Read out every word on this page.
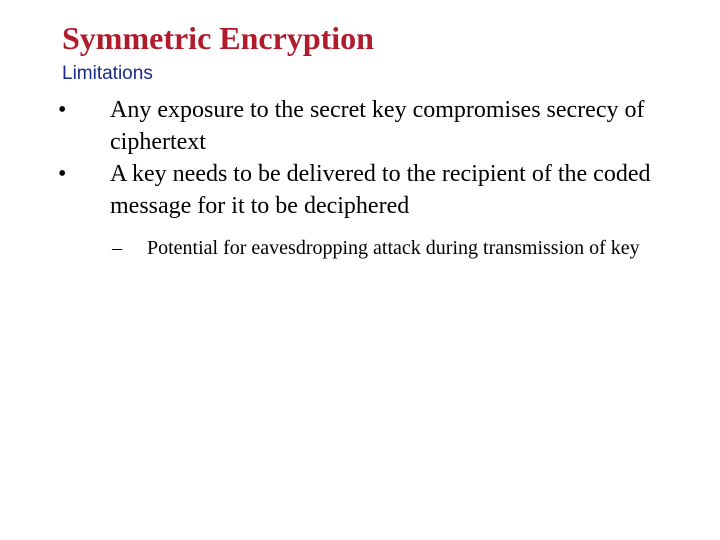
Symmetric Encryption
Limitations
• Any exposure to the secret key compromises secrecy of ciphertext
• A key needs to be delivered to the recipient of the coded message for it to be deciphered
– Potential for eavesdropping attack during transmission of key
